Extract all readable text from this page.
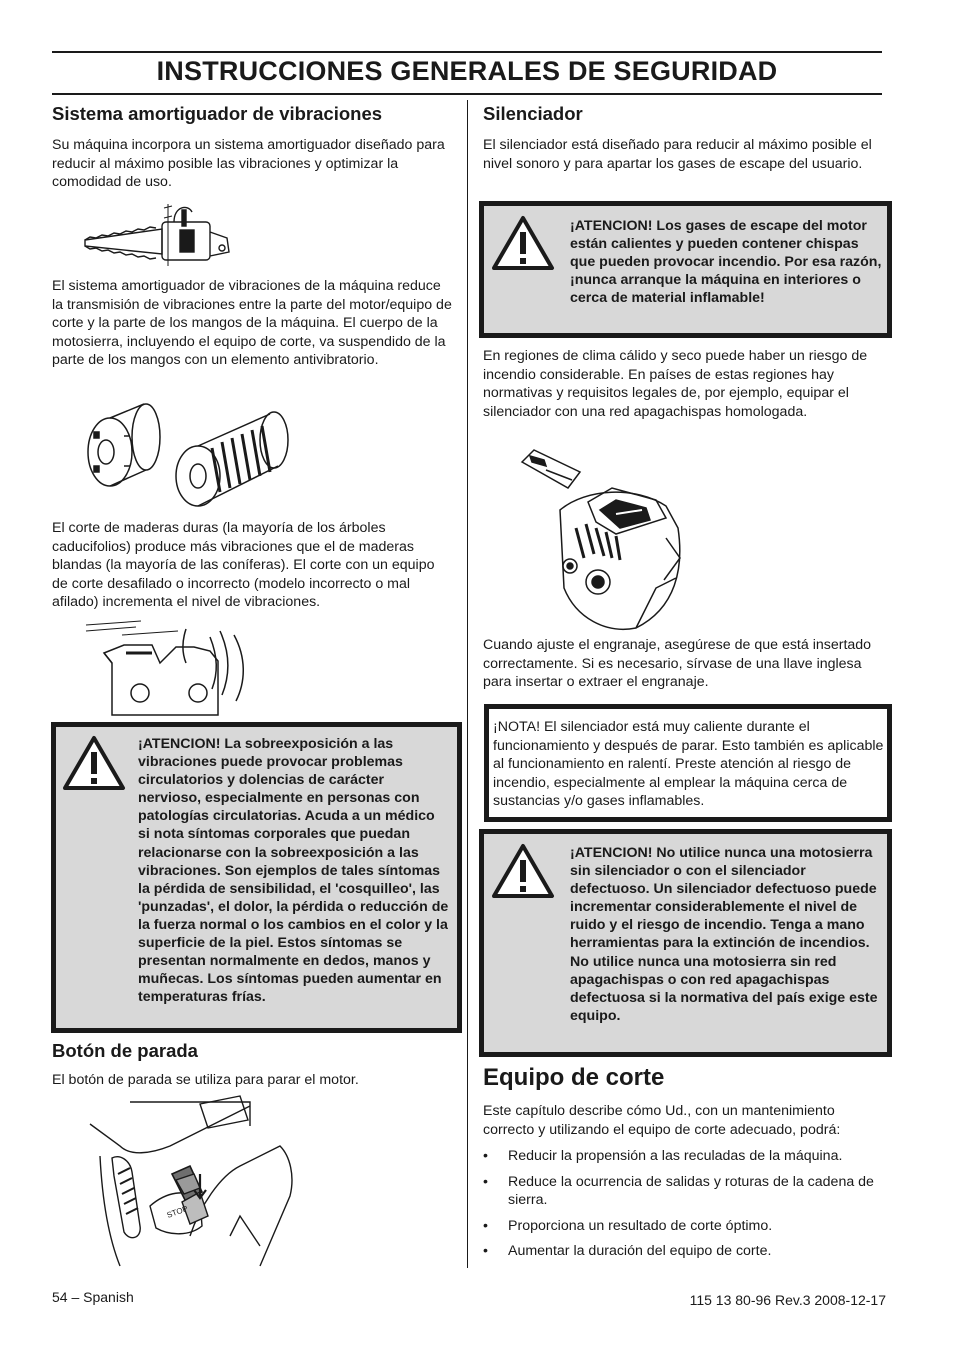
INSTRUCCIONES GENERALES DE SEGURIDAD
Sistema amortiguador de vibraciones

Su máquina incorpora un sistema amortiguador diseñado para reducir al máximo posible las vibraciones y optimizar la comodidad de uso.

El sistema amortiguador de vibraciones de la máquina reduce la transmisión de vibraciones entre la parte del motor/equipo de corte y la parte de los mangos de la máquina. El cuerpo de la motosierra, incluyendo el equipo de corte, va suspendido de la parte de los mangos con un elemento antivibratorio.

El corte de maderas duras (la mayoría de los árboles caducifolios) produce más vibraciones que el de maderas blandas (la mayoría de las coníferas). El corte con un equipo de corte desafilado o incorrecto (modelo incorrecto o mal afilado) incrementa el nivel de vibraciones.

¡ATENCION! La sobreexposición a las vibraciones puede provocar problemas circulatorios y dolencias de carácter nervioso, especialmente en personas con patologías circulatorias. Acuda a un médico si nota síntomas corporales que puedan relacionarse con la sobreexposición a las vibraciones. Son ejemplos de tales síntomas la pérdida de sensibilidad, el 'cosquilleo', las 'punzadas', el dolor, la pérdida o reducción de la fuerza normal o los cambios en el color y la superficie de la piel. Estos síntomas se presentan normalmente en dedos, manos y muñecas. Los síntomas pueden aumentar en temperaturas frías.
Botón de parada

El botón de parada se utiliza para parar el motor.

STOP
Silenciador

El silenciador está diseñado para reducir al máximo posible el nivel sonoro y para apartar los gases de escape del usuario.

¡ATENCION! Los gases de escape del motor están calientes y pueden contener chispas que pueden provocar incendio. Por esa razón, ¡nunca arranque la máquina en interiores o cerca de material inflamable!

En regiones de clima cálido y seco puede haber un riesgo de incendio considerable. En países de estas regiones hay normativas y requisitos legales de, por ejemplo, equipar el silenciador con una red apagachispas homologada.

Cuando ajuste el engranaje, asegúrese de que está insertado correctamente. Si es necesario, sírvase de una llave inglesa para insertar o extraer el engranaje.

¡NOTA! El silenciador está muy caliente durante el funcionamiento y después de parar. Esto también es aplicable al funcionamiento en ralentí. Preste atención al riesgo de incendio, especialmente al emplear la máquina cerca de sustancias y/o gases inflamables.

¡ATENCION! No utilice nunca una motosierra sin silenciador o con el silenciador defectuoso. Un silenciador defectuoso puede incrementar considerablemente el nivel de ruido y el riesgo de incendio. Tenga a mano herramientas para la extinción de incendios. No utilice nunca una motosierra sin red apagachispas o con red apagachispas defectuosa si la normativa del país exige este equipo.
Equipo de corte

Este capítulo describe cómo Ud., con un mantenimiento correcto y utilizando el equipo de corte adecuado, podrá:

• Reducir la propensión a las reculadas de la máquina.
• Reduce la ocurrencia de salidas y roturas de la cadena de sierra.
• Proporciona un resultado de corte óptimo.
• Aumentar la duración del equipo de corte.
54 – Spanish	115 13 80-96 Rev.3 2008-12-17
